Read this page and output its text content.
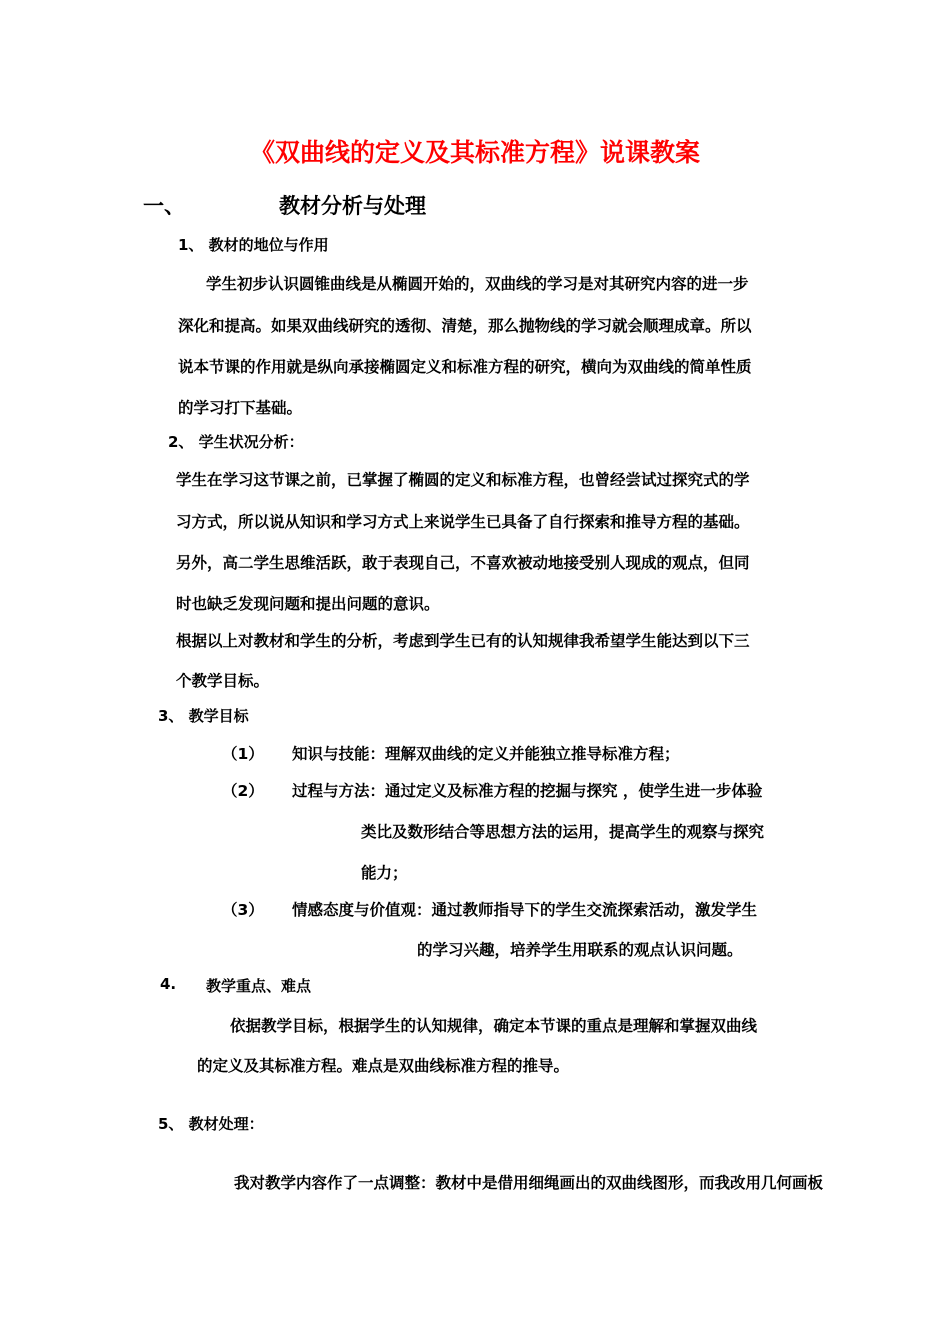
《双曲线的定义及其标准方程》说课教案
一、	教材分析与处理
1、 教材的地位与作用
学生初步认识圆锥曲线是从椭圆开始的，双曲线的学习是对其研究内容的进一步
深化和提高。如果双曲线研究的透彻、清楚，那么抛物线的学习就会顺理成章。所以
说本节课的作用就是纵向承接椭圆定义和标准方程的研究，横向为双曲线的简单性质
的学习打下基础。
2、 学生状况分析：
学生在学习这节课之前，已掌握了椭圆的定义和标准方程，也曾经尝试过探究式的学
习方式，所以说从知识和学习方式上来说学生已具备了自行探索和推导方程的基础。
另外，高二学生思维活跃，敢于表现自己，不喜欢被动地接受别人现成的观点，但同
时也缺乏发现问题和提出问题的意识。
根据以上对教材和学生的分析，考虑到学生已有的认知规律我希望学生能达到以下三
个教学目标。
3、 教学目标
（1） 知识与技能：理解双曲线的定义并能独立推导标准方程；
（2） 过程与方法：通过定义及标准方程的挖掘与探究 ，使学生进一步体验
类比及数形结合等思想方法的运用，提高学生的观察与探究
能力；
（3） 情感态度与价值观：通过教师指导下的学生交流探索活动，激发学生
的学习兴趣，培养学生用联系的观点认识问题。
4. 教学重点、难点
依据教学目标，根据学生的认知规律，确定本节课的重点是理解和掌握双曲线
的定义及其标准方程。难点是双曲线标准方程的推导。
5、 教材处理：
我对教学内容作了一点调整：教材中是借用细绳画出的双曲线图形，而我改用几何画板
